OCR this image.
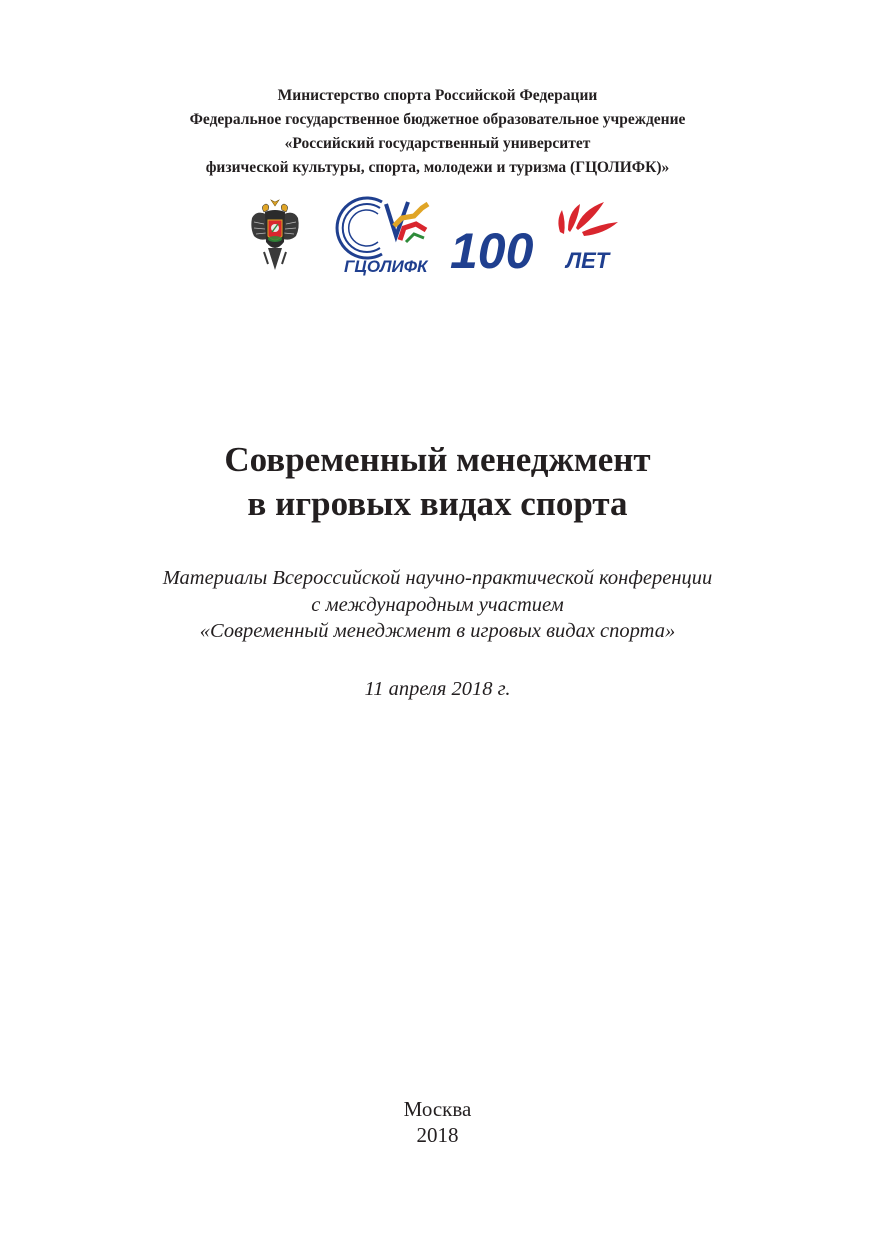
Министерство спорта Российской Федерации
Федеральное государственное бюджетное образовательное учреждение
«Российский государственный университет
физической культуры, спорта, молодежи и туризма (ГЦОЛИФК)»
ГЦОЛИФК 100 ЛЕТ
Современный менеджмент
в игровых видах спорта
Материалы Всероссийской научно-практической конференции
с международным участием
«Современный менеджмент в игровых видах спорта»
11 апреля 2018 г.
Москва
2018
